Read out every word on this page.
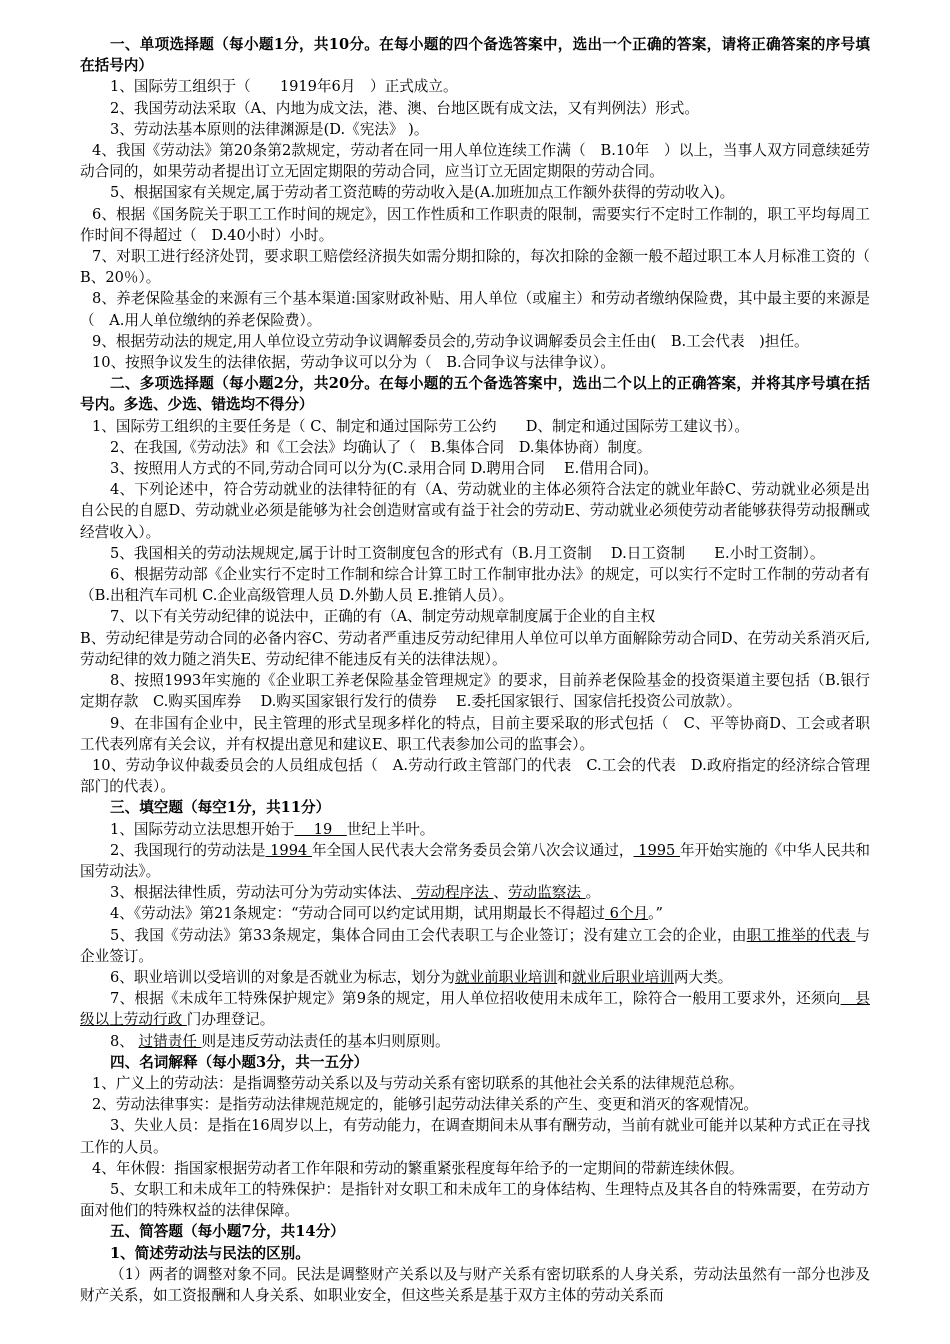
一、单项选择题（每小题1分，共10分。在每小题的四个备选答案中，选出一个正确的答案，请将正确答案的序号填在括号内）

1、国际劳工组织于（　　1919年6月　）正式成立。

2、我国劳动法采取（A、内地为成文法，港、澳、台地区既有成文法，又有判例法）形式。

3、劳动法基本原则的法律渊源是(D.《宪法》 )。

4、我国《劳动法》第20条第2款规定，劳动者在同一用人单位连续工作满（　B.10年　）以上，当事人双方同意续延劳动合同的，如果劳动者提出订立无固定期限的劳动合同，应当订立无固定期限的劳动合同。

5、根据国家有关规定,属于劳动者工资范畴的劳动收入是(A.加班加点工作额外获得的劳动收入)。

6、根据《国务院关于职工工作时间的规定》，因工作性质和工作职责的限制，需要实行不定时工作制的，职工平均每周工作时间不得超过（　D.40小时）小时。

7、对职工进行经济处罚，要求职工赔偿经济损失如需分期扣除的，每次扣除的金额一般不超过职工本人月标准工资的（　B、20％）。

8、养老保险基金的来源有三个基本渠道:国家财政补贴、用人单位（或雇主）和劳动者缴纳保险费，其中最主要的来源是（　A.用人单位缴纳的养老保险费）。

9、根据劳动法的规定,用人单位设立劳动争议调解委员会的,劳动争议调解委员会主任由(　B.工会代表　)担任。

10、按照争议发生的法律依据，劳动争议可以分为（　B.合同争议与法律争议）。

二、多项选择题（每小题2分，共20分。在每小题的五个备选答案中，选出二个以上的正确答案，并将其序号填在括号内。多选、少选、错选均不得分）

1、国际劳工组织的主要任务是（ C、制定和通过国际劳工公约　　D、制定和通过国际劳工建议书）。

2、在我国,《劳动法》和《工会法》均确认了（　B.集体合同　D.集体协商）制度。

3、按照用人方式的不同,劳动合同可以分为(C.录用合同 D.聘用合同　 E.借用合同)。

4、下列论述中，符合劳动就业的法律特征的有（A、劳动就业的主体必须符合法定的就业年龄C、劳动就业必须是出自公民的自愿D、劳动就业必须是能够为社会创造财富或有益于社会的劳动E、劳动就业必须使劳动者能够获得劳动报酬或经营收入）。

5、我国相关的劳动法规规定,属于计时工资制度包含的形式有（B.月工资制　 D.日工资制　　E.小时工资制）。

6、根据劳动部《企业实行不定时工作制和综合计算工时工作制审批办法》的规定，可以实行不定时工作制的劳动者有（B.出租汽车司机 C.企业高级管理人员 D.外勤人员 E.推销人员）。

7、以下有关劳动纪律的说法中，正确的有（A、制定劳动规章制度属于企业的自主权

B、劳动纪律是劳动合同的必备内容C、劳动者严重违反劳动纪律用人单位可以单方面解除劳动合同D、在劳动关系消灭后,劳动纪律的效力随之消失E、劳动纪律不能违反有关的法律法规）。

8、按照1993年实施的《企业职工养老保险基金管理规定》的要求，目前养老保险基金的投资渠道主要包括（B.银行定期存款　C.购买国库券　 D.购买国家银行发行的债券　 E.委托国家银行、国家信托投资公司放款）。

9、在非国有企业中，民主管理的形式呈现多样化的特点，目前主要采取的形式包括（　C、平等协商D、工会或者职工代表列席有关会议，并有权提出意见和建议E、职工代表参加公司的监事会）。

10、劳动争议仲裁委员会的人员组成包括（　A.劳动行政主管部门的代表　C.工会的代表　D.政府指定的经济综合管理部门的代表）。

三、填空题（每空1分，共11分）

1、国际劳动立法思想开始于　 19　世纪上半叶。

2、我国现行的劳动法是 1994 年全国人民代表大会常务委员会第八次会议通过， 1995 年开始实施的《中华人民共和国劳动法》。

3、根据法律性质，劳动法可分为劳动实体法、 劳动程序法 、劳动监察法 。

4、《劳动法》第21条规定：“劳动合同可以约定试用期，试用期最长不得超过 6个月。”

5、我国《劳动法》第33条规定，集体合同由工会代表职工与企业签订；没有建立工会的企业，由职工推举的代表 与企业签订。

6、职业培训以受培训的对象是否就业为标志，划分为就业前职业培训和就业后职业培训两大类。

7、根据《未成年工特殊保护规定》第9条的规定，用人单位招收使用未成年工，除符合一般用工要求外，还须向　县级以上劳动行政 门办理登记。

8、 过错责任 则是违反劳动法责任的基本归则原则。

四、名词解释（每小题3分，共一五分）

1、广义上的劳动法：是指调整劳动关系以及与劳动关系有密切联系的其他社会关系的法律规范总称。

2、劳动法律事实：是指劳动法律规范规定的，能够引起劳动法律关系的产生、变更和消灭的客观情况。

3、失业人员：是指在16周岁以上，有劳动能力，在调查期间未从事有酬劳动，当前有就业可能并以某种方式正在寻找工作的人员。

4、年休假：指国家根据劳动者工作年限和劳动的繁重紧张程度每年给予的一定期间的带薪连续休假。

5、女职工和未成年工的特殊保护：是指针对女职工和未成年工的身体结构、生理特点及其各自的特殊需要，在劳动方面对他们的特殊权益的法律保障。

五、简答题（每小题7分，共14分）

1、简述劳动法与民法的区别。

（1）两者的调整对象不同。民法是调整财产关系以及与财产关系有密切联系的人身关系，劳动法虽然有一部分也涉及财产关系，如工资报酬和人身关系、如职业安全，但这些关系是基于双方主体的劳动关系而
